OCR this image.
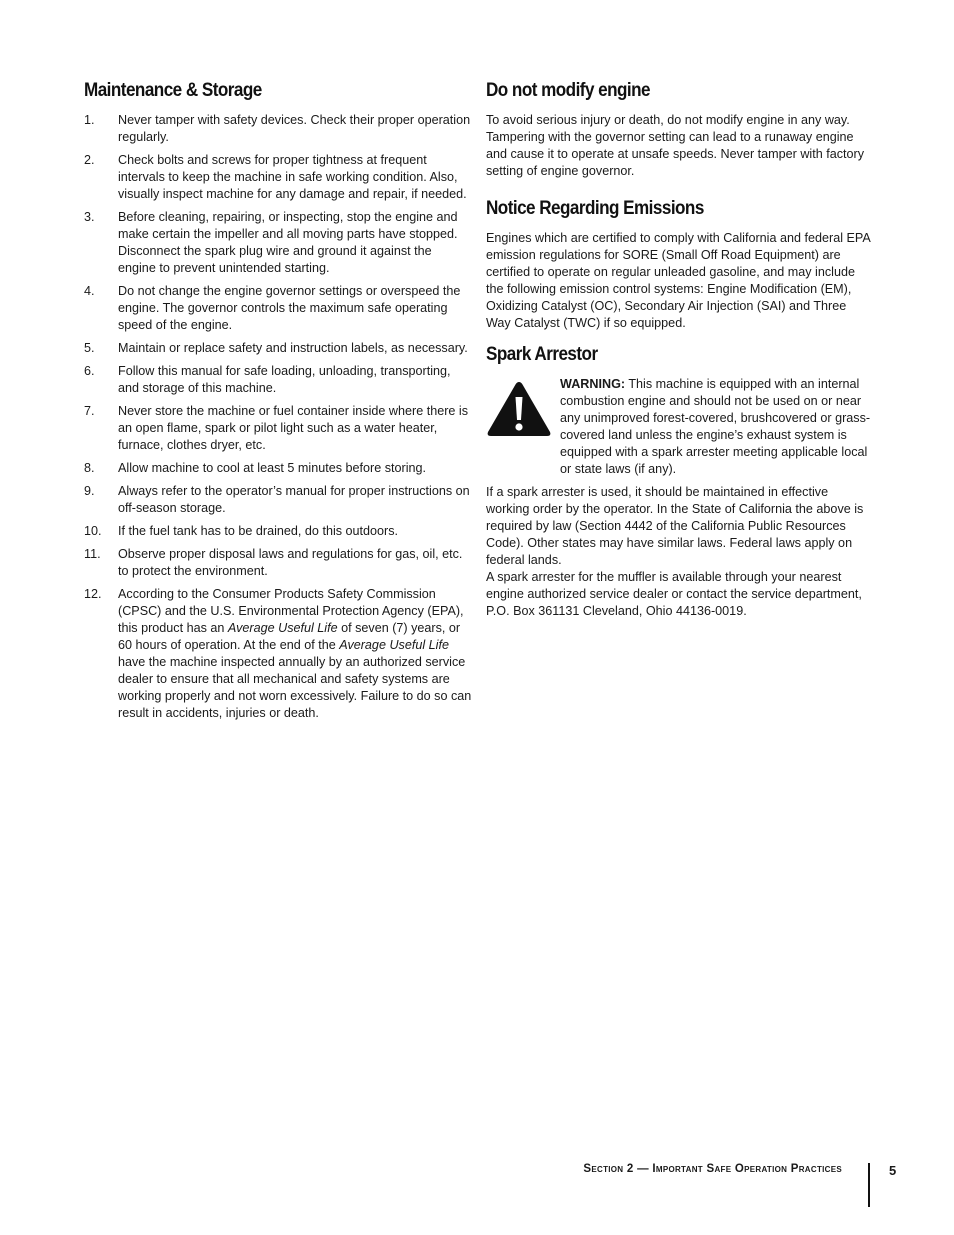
Maintenance & Storage
1.	Never tamper with safety devices. Check their proper operation regularly.
2.	Check bolts and screws for proper tightness at frequent intervals to keep the machine in safe working condition. Also, visually inspect machine for any damage and repair, if needed.
3.	Before cleaning, repairing, or inspecting, stop the engine and make certain the impeller and all moving parts have stopped. Disconnect the spark plug wire and ground it against the engine to prevent unintended starting.
4.	Do not change the engine governor settings or overspeed the engine. The governor controls the maximum safe operating speed of the engine.
5.	Maintain or replace safety and instruction labels, as necessary.
6.	Follow this manual for safe loading, unloading, transporting, and storage of this machine.
7.	Never store the machine or fuel container inside where there is an open flame, spark or pilot light such as a water heater, furnace, clothes dryer, etc.
8.	Allow machine to cool at least 5 minutes before storing.
9.	Always refer to the operator’s manual for proper instructions on off-season storage.
10.	If the fuel tank has to be drained, do this outdoors.
11.	Observe proper disposal laws and regulations for gas, oil, etc. to protect the environment.
12.	According to the Consumer Products Safety Commission (CPSC) and the U.S. Environmental Protection Agency (EPA), this product has an Average Useful Life of seven (7) years, or 60 hours of operation. At the end of the Average Useful Life have the machine inspected annually by an authorized service dealer to ensure that all mechanical and safety systems are working properly and not worn excessively. Failure to do so can result in accidents, injuries or death.
Do not modify engine

To avoid serious injury or death, do not modify engine in any way. Tampering with the governor setting can lead to a runaway engine and cause it to operate at unsafe speeds. Never tamper with factory setting of engine governor.

Notice Regarding Emissions

Engines which are certified to comply with California and federal EPA emission regulations for SORE (Small Off Road Equipment) are certified to operate on regular unleaded gasoline, and may include the following emission control systems: Engine Modification (EM), Oxidizing Catalyst (OC), Secondary Air Injection (SAI) and Three Way Catalyst (TWC) if so equipped.

Spark Arrestor

WARNING: This machine is equipped with an internal combustion engine and should not be used on or near any unimproved forest-covered, brushcovered or grass-covered land unless the engine’s exhaust system is equipped with a spark arrester meeting applicable local or state laws (if any).

If a spark arrester is used, it should be maintained in effective working order by the operator. In the State of California the above is required by law (Section 4442 of the California Public Resources Code). Other states may have similar laws. Federal laws apply on federal lands.

A spark arrester for the muffler is available through your nearest engine authorized service dealer or contact the service department, P.O. Box 361131 Cleveland, Ohio 44136-0019.

Section 2 — Important Safe Operation Practices	5
